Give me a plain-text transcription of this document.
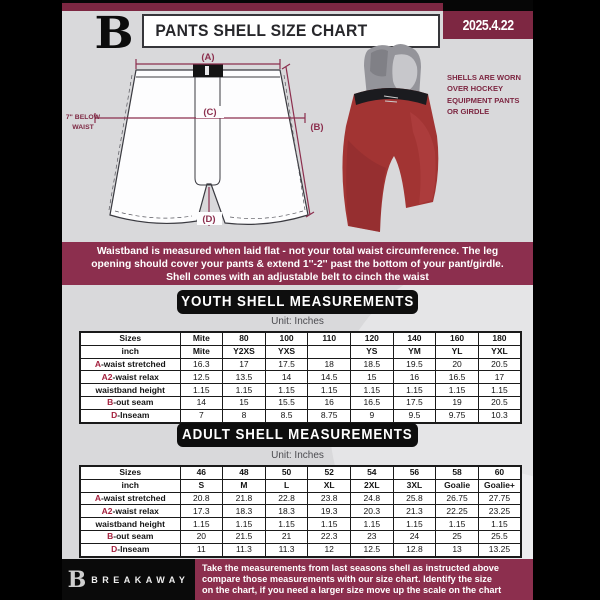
B	PANTS SHELL SIZE CHART	2025.4.22
(A)
(B)
(C)
(D)
7" BELOW
WAIST
SHELLS ARE WORN OVER HOCKEY EQUIPMENT PANTS OR GIRDLE
Waistband is measured when laid flat - not your total waist circumference. The leg
opening should cover your pants & extend 1''-2'' past the bottom of your pant/girdle.
Shell comes with an adjustable belt to cinch the waist
YOUTH SHELL MEASUREMENTS
Unit: Inches
Sizes	Mite	80	100	110	120	140	160	180
inch	Mite	Y2XS	YXS		YS	YM	YL	YXL
A-waist stretched	16.3	17	17.5	18	18.5	19.5	20	20.5
A2-waist relax	12.5	13.5	14	14.5	15	16	16.5	17
waistband height	1.15	1.15	1.15	1.15	1.15	1.15	1.15	1.15
B-out seam	14	15	15.5	16	16.5	17.5	19	20.5
D-Inseam	7	8	8.5	8.75	9	9.5	9.75	10.3
ADULT SHELL MEASUREMENTS
Unit: Inches
Sizes	46	48	50	52	54	56	58	60
inch	S	M	L	XL	2XL	3XL	Goalie	Goalie+
A-waist stretched	20.8	21.8	22.8	23.8	24.8	25.8	26.75	27.75
A2-waist relax	17.3	18.3	18.3	19.3	20.3	21.3	22.25	23.25
waistband height	1.15	1.15	1.15	1.15	1.15	1.15	1.15	1.15
B-out seam	20	21.5	21	22.3	23	24	25	25.5
D-Inseam	11	11.3	11.3	12	12.5	12.8	13	13.25
B BREAKAWAY
Take the measurements from last seasons shell as instructed above
compare those measurements with our size chart. Identify the size
on the chart, if you need a larger size move up the scale on the chart
